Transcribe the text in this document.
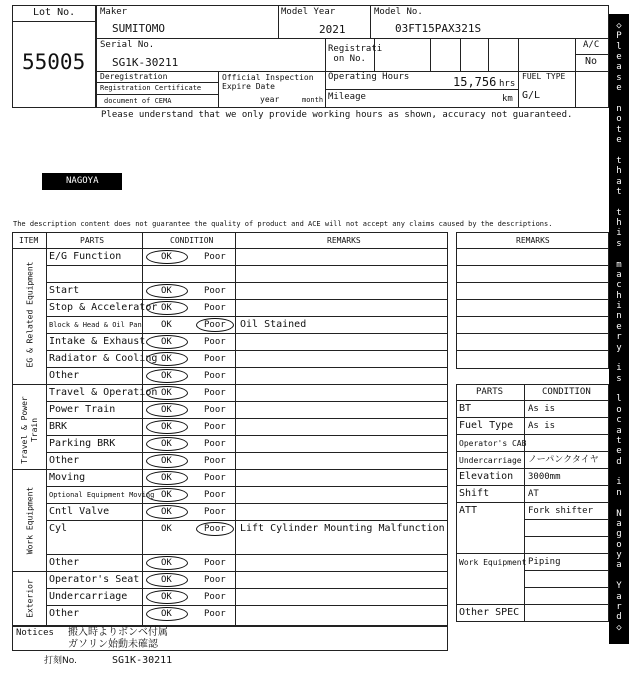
Lot No.
55005
Maker
SUMITOMO
Model Year
2021
Model No.
03FT15PAX321S
Serial No.
SG1K-30211
Registrati
on No.
A/C
No
Deregistration
Registration Certificate
document of CEMA
Official Inspection
Expire Date
year	month
Operating Hours	15,756 hrs
Mileage	km
FUEL TYPE
G/L
Please understand that we only provide working hours as shown, accuracy not guaranteed.
NAGOYA
The description content does not guarantee the quality of product and ACE will not accept any claims caused by the descriptions.
ITEM	PARTS	CONDITION	REMARKS
EG & Related Equipment
Travel & Power
Train
Work Equipment
Exterior
E/G Function	OK	Poor
Start	OK	Poor
Stop & Accelerator OK	Poor
Block & Head & Oil Pan OK	Poor Oil Stained
Intake & Exhaust OK	Poor
Radiator & Cooling OK	Poor
Other	OK	Poor
Travel & Operation OK	Poor
Power Train	OK	Poor
BRK	OK	Poor
Parking BRK	OK	Poor
Other	OK	Poor
Moving	OK	Poor
Optional Equipment Moving OK	Poor
Cntl Valve	OK	Poor
Cyl	OK	Poor Lift Cylinder Mounting Malfunction
Other	OK	Poor
Operator's Seat OK	Poor
Undercarriage	OK	Poor
Other	OK	Poor
Notices 搬入時よりボンベ付属
ガソリン始動未確認
打刻No.	SG1K-30211
REMARKS
PARTS	CONDITION
BT	As is
Fuel Type As is
Operator's CAB
Undercarriage ノーパンクタイヤ
Elevation 3000mm
Shift	AT
ATT	Fork shifter
Work Equipment Piping
Other SPEC
◇
P
l
e
a
s
e
n
o
t
e
t
h
a
t
t
h
i
s
m
a
c
h
i
n
e
r
y
i
s
l
o
c
a
t
e
d
i
n
N
a
g
o
y
a
Y
a
r
d
◇
